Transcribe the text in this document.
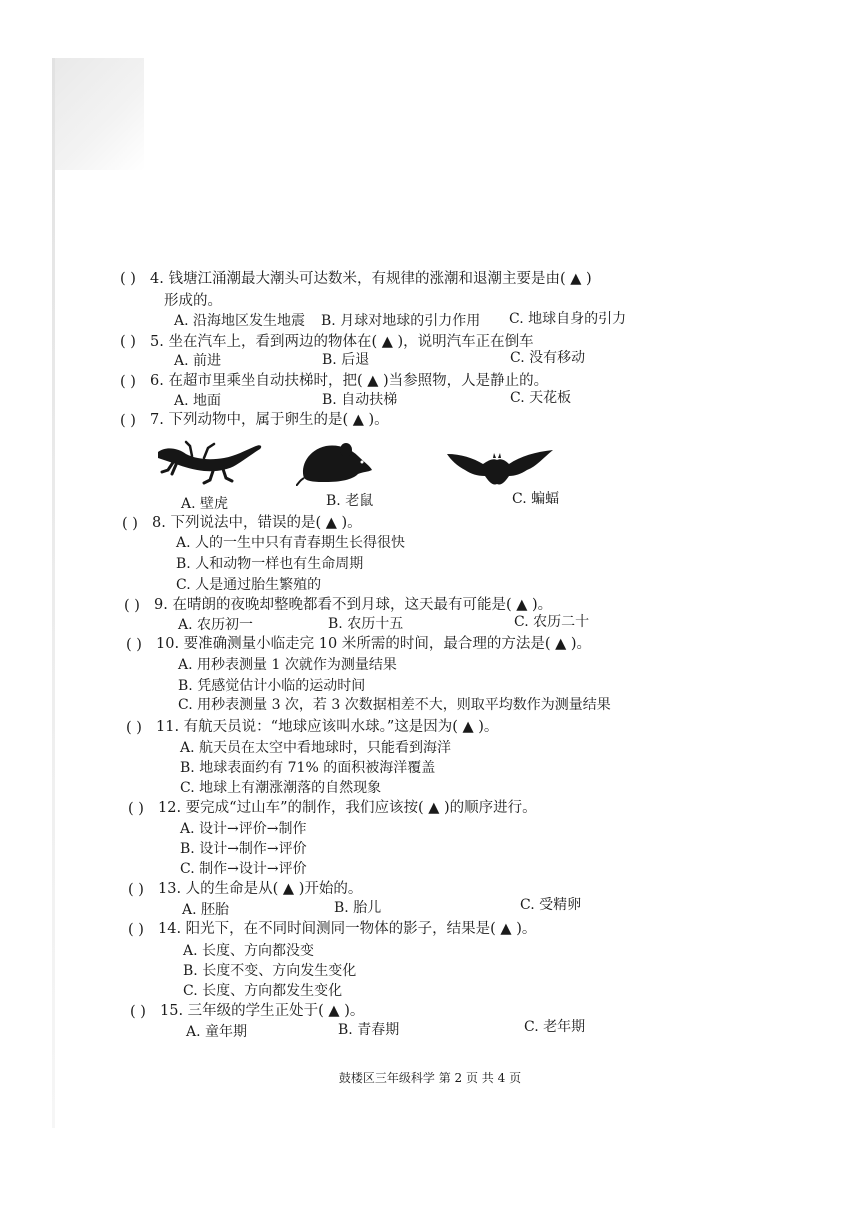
( ) 4. 钱塘江涌潮最大潮头可达数米，有规律的涨潮和退潮主要是由( ▲ )
形成的。
A. 沿海地区发生地震 B. 月球对地球的引力作用 C. 地球自身的引力
( ) 5. 坐在汽车上，看到两边的物体在( ▲ )，说明汽车正在倒车
A. 前进	B. 后退	C. 没有移动
( ) 6. 在超市里乘坐自动扶梯时，把( ▲ )当参照物，人是静止的。
A. 地面	B. 自动扶梯	C. 天花板
( ) 7. 下列动物中，属于卵生的是( ▲ )。
A. 壁虎	B. 老鼠	C. 蝙蝠
( ) 8. 下列说法中，错误的是( ▲ )。
A. 人的一生中只有青春期生长得很快
B. 人和动物一样也有生命周期
C. 人是通过胎生繁殖的
( ) 9. 在晴朗的夜晚却整晚都看不到月球，这天最有可能是( ▲ )。
A. 农历初一	B. 农历十五	C. 农历二十
( ) 10. 要准确测量小临走完 10 米所需的时间，最合理的方法是( ▲ )。
A. 用秒表测量 1 次就作为测量结果
B. 凭感觉估计小临的运动时间
C. 用秒表测量 3 次，若 3 次数据相差不大，则取平均数作为测量结果
( ) 11. 有航天员说：“地球应该叫水球。”这是因为( ▲ )。
A. 航天员在太空中看地球时，只能看到海洋
B. 地球表面约有 71% 的面积被海洋覆盖
C. 地球上有潮涨潮落的自然现象
( ) 12. 要完成“过山车”的制作，我们应该按( ▲ )的顺序进行。
A. 设计→评价→制作
B. 设计→制作→评价
C. 制作→设计→评价
( ) 13. 人的生命是从( ▲ )开始的。
A. 胚胎	B. 胎儿	C. 受精卵
( ) 14. 阳光下，在不同时间测同一物体的影子，结果是( ▲ )。
A. 长度、方向都没变
B. 长度不变、方向发生变化
C. 长度、方向都发生变化
( ) 15. 三年级的学生正处于( ▲ )。
A. 童年期	B. 青春期	C. 老年期
鼓楼区三年级科学 第 2 页 共 4 页
